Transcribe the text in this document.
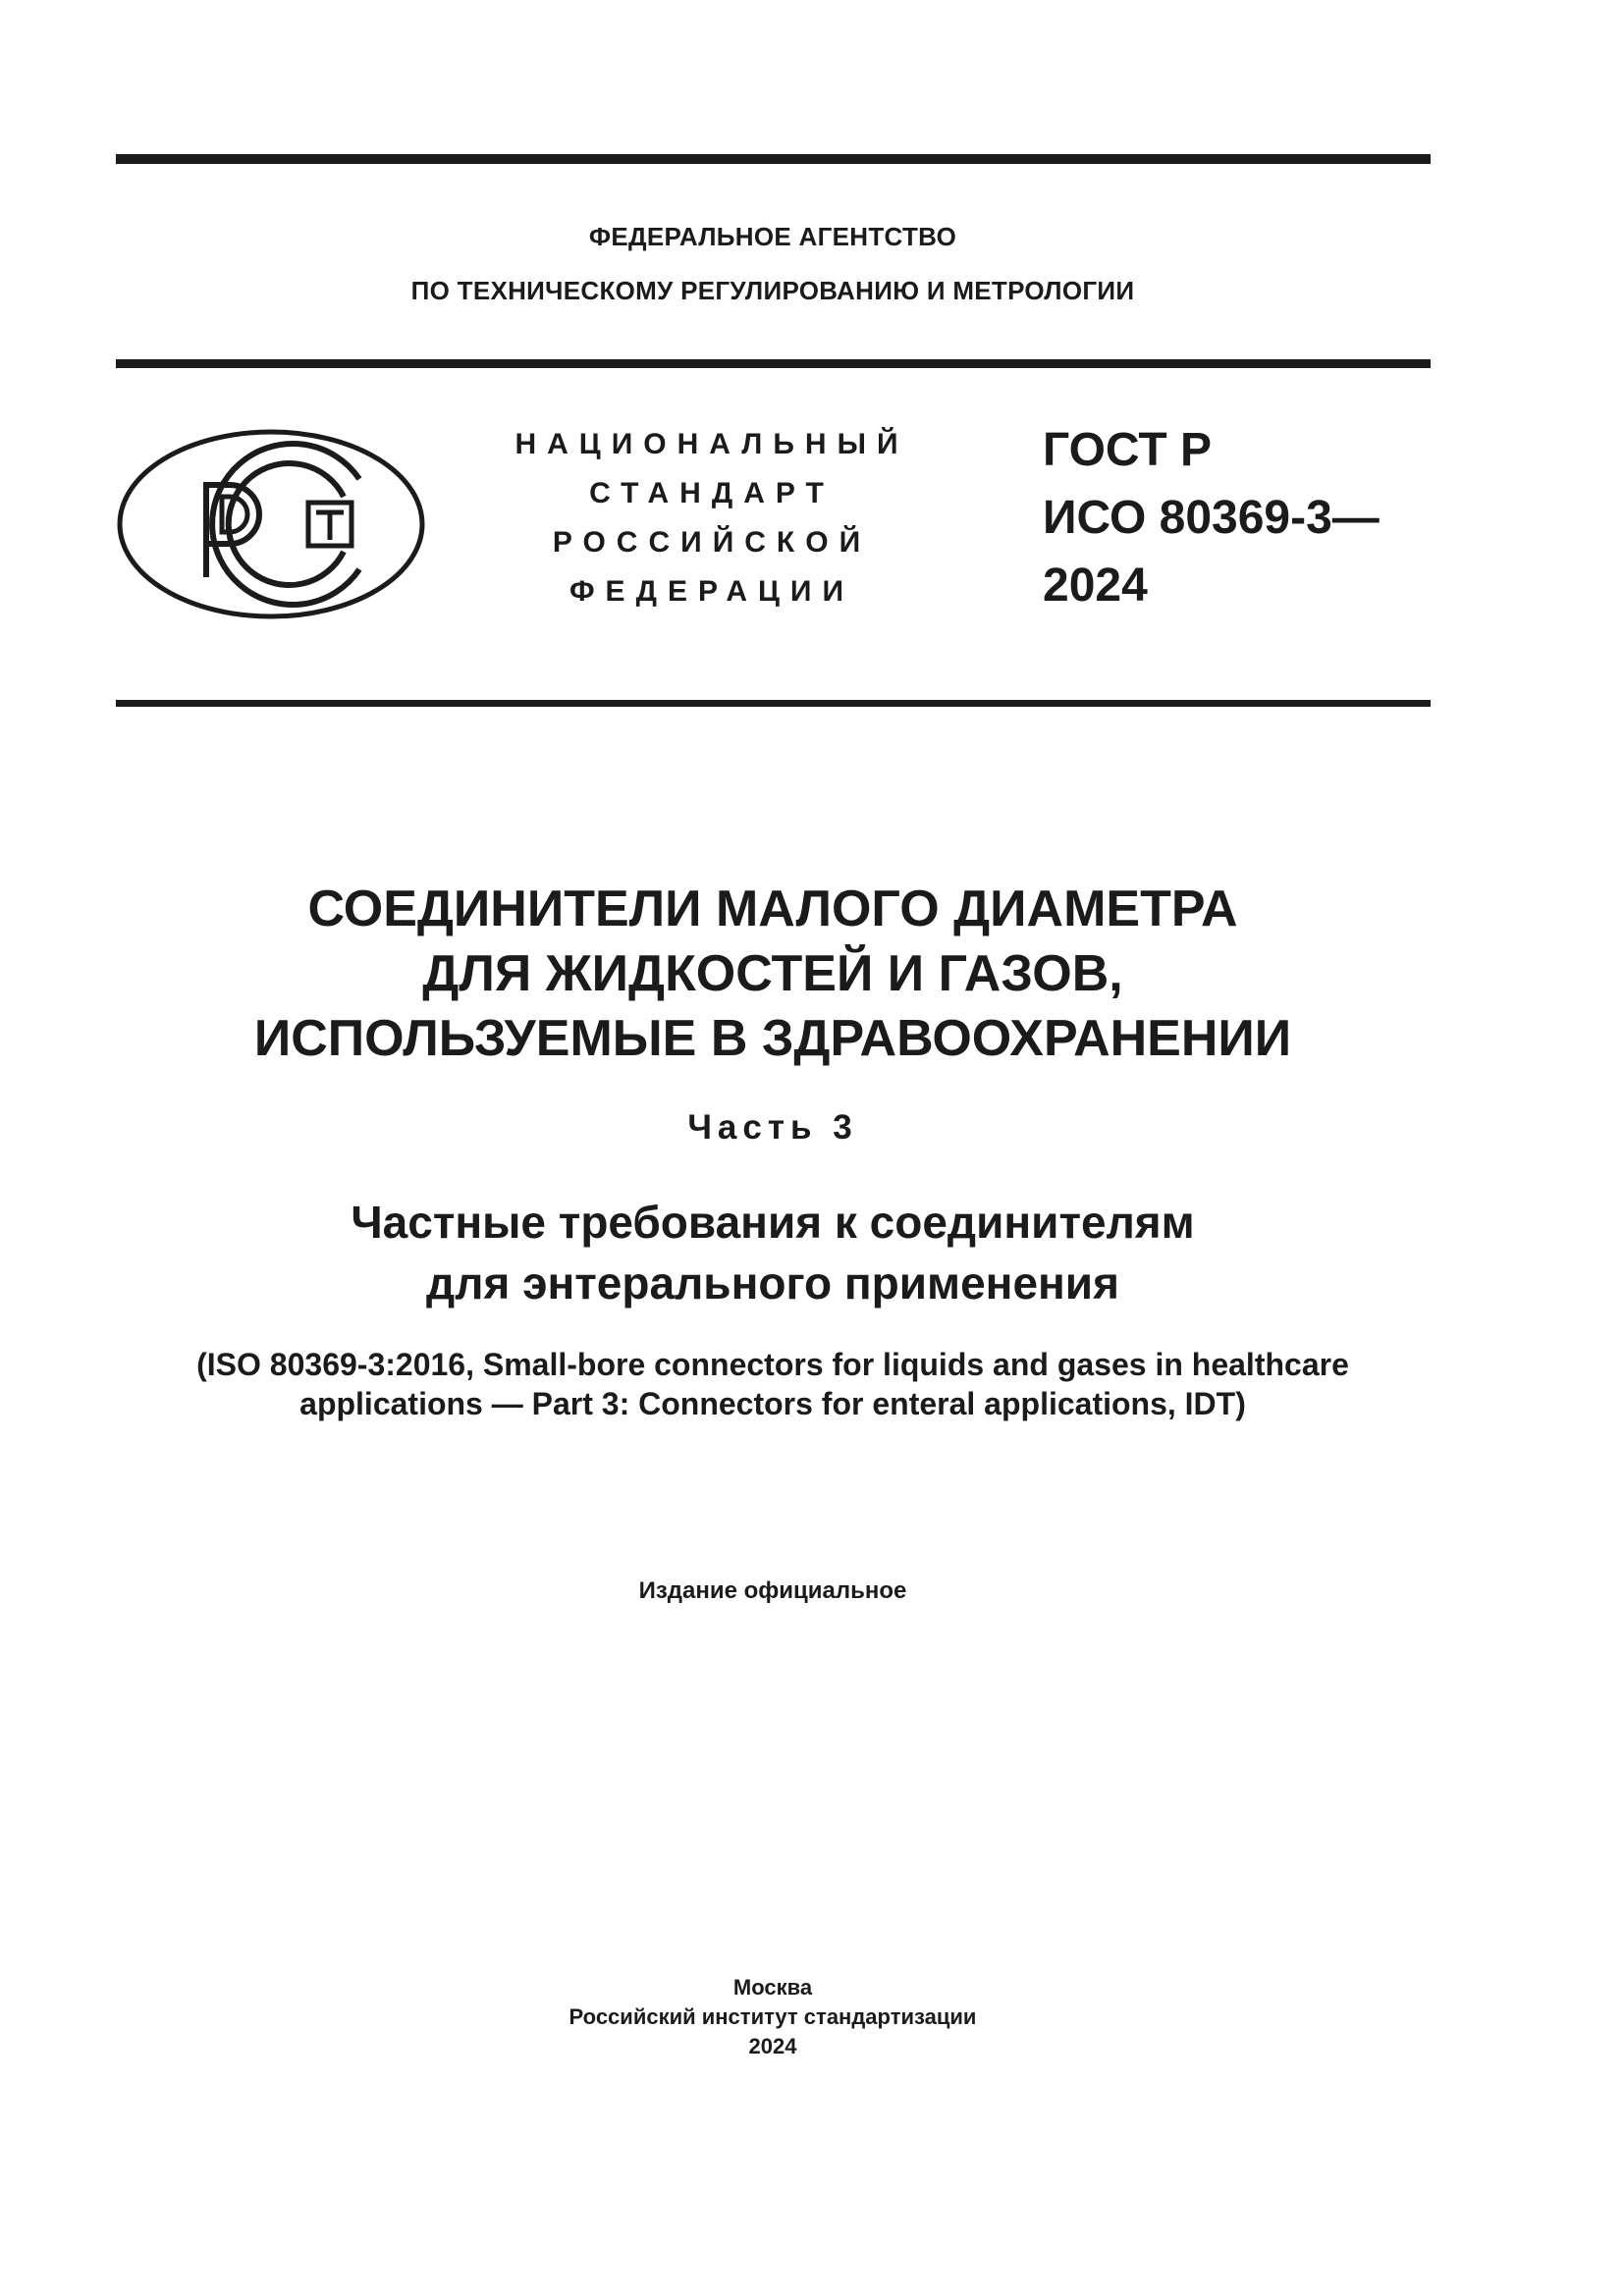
ФЕДЕРАЛЬНОЕ АГЕНТСТВО
ПО ТЕХНИЧЕСКОМУ РЕГУЛИРОВАНИЮ И МЕТРОЛОГИИ
НАЦИОНАЛЬНЫЙ
СТАНДАРТ
РОССИЙСКОЙ
ФЕДЕРАЦИИ
ГОСТ Р
ИСО 80369-3—
2024
СОЕДИНИТЕЛИ МАЛОГО ДИАМЕТРА
ДЛЯ ЖИДКОСТЕЙ И ГАЗОВ,
ИСПОЛЬЗУЕМЫЕ В ЗДРАВООХРАНЕНИИ
Часть 3
Частные требования к соединителям
для энтерального применения
(ISO 80369-3:2016, Small-bore connectors for liquids and gases in healthcare
applications — Part 3: Connectors for enteral applications, IDT)
Издание официальное
Москва
Российский институт стандартизации
2024
